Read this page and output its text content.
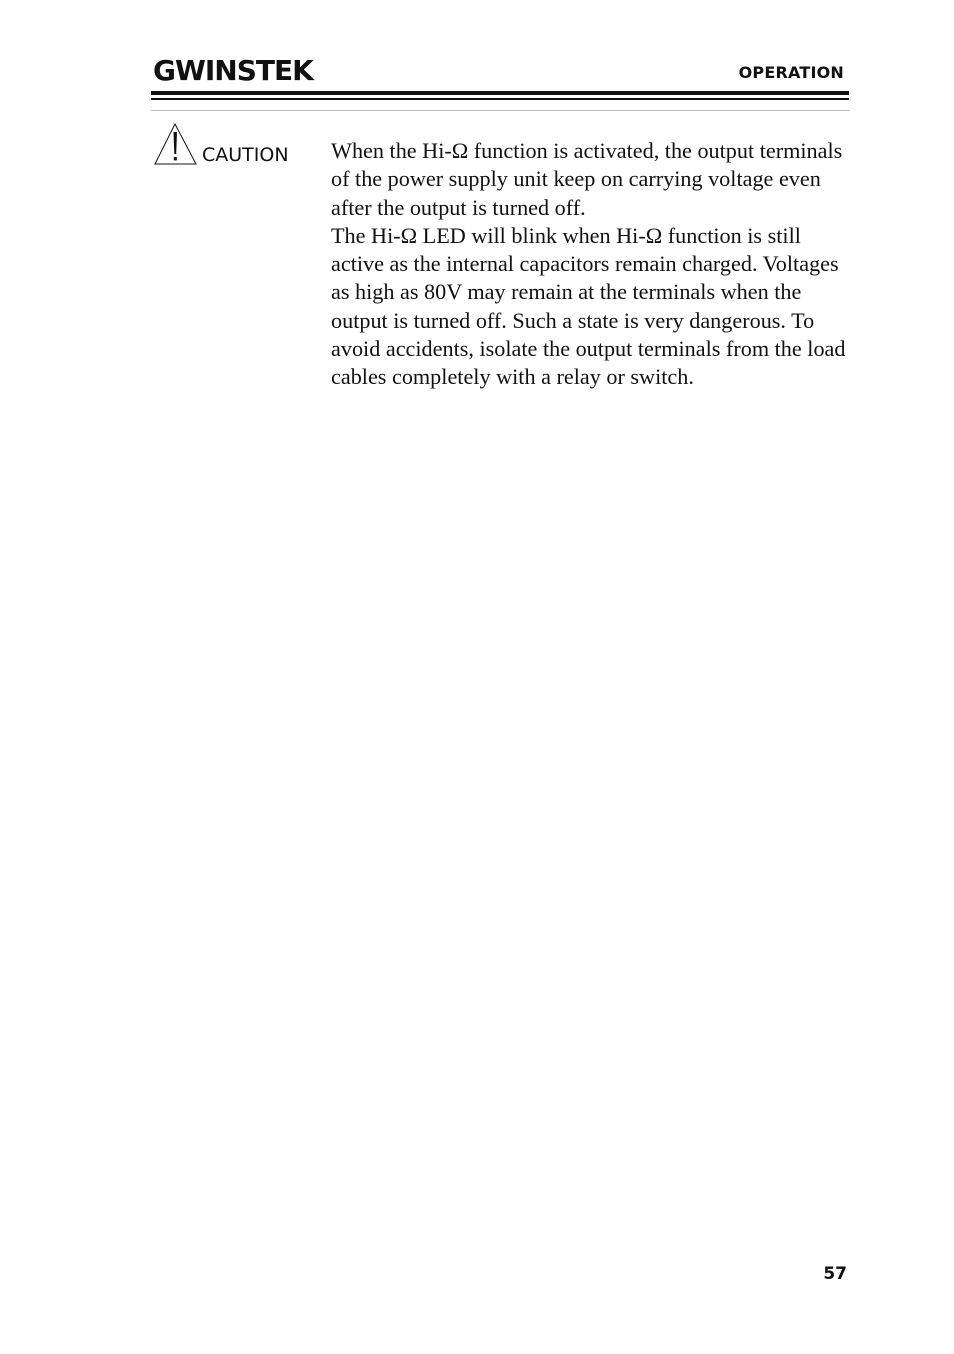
GWINSTEK	OPERATION
CAUTION When the Hi-Ω function is activated, the output terminals of the power supply unit keep on carrying voltage even after the output is turned off.

The Hi-Ω LED will blink when Hi-Ω function is still active as the internal capacitors remain charged. Voltages as high as 80V may remain at the terminals when the output is turned off. Such a state is very dangerous. To avoid accidents, isolate the output terminals from the load cables completely with a relay or switch.

57
